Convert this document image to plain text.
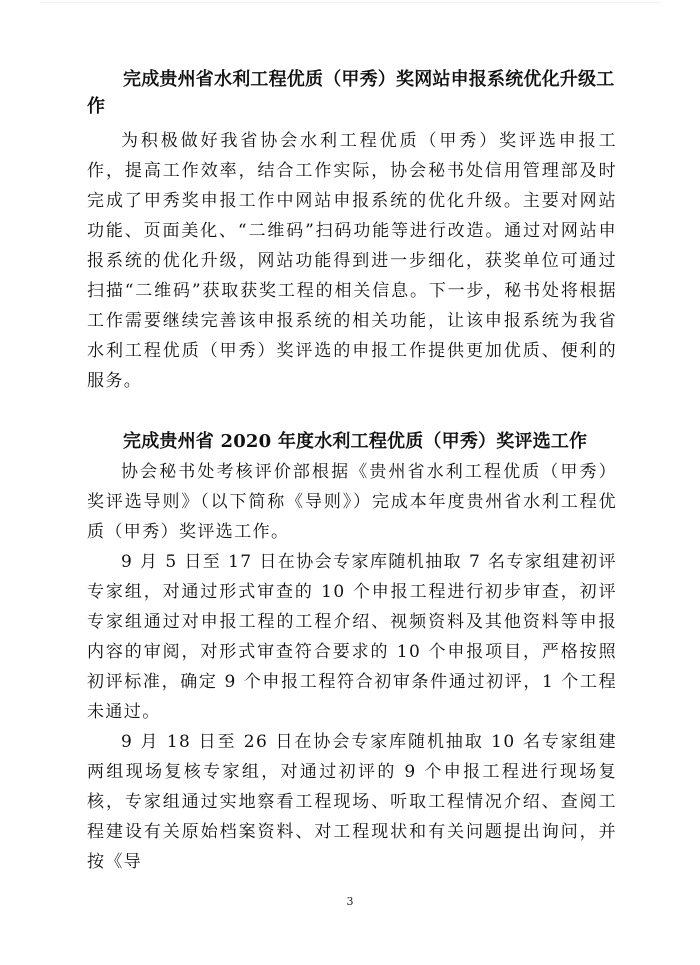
完成贵州省水利工程优质（甲秀）奖网站申报系统优化升级工作

为积极做好我省协会水利工程优质（甲秀）奖评选申报工作，提高工作效率，结合工作实际，协会秘书处信用管理部及时完成了甲秀奖申报工作中网站申报系统的优化升级。主要对网站功能、页面美化、“二维码”扫码功能等进行改造。通过对网站申报系统的优化升级，网站功能得到进一步细化，获奖单位可通过扫描“二维码”获取获奖工程的相关信息。下一步，秘书处将根据工作需要继续完善该申报系统的相关功能，让该申报系统为我省水利工程优质（甲秀）奖评选的申报工作提供更加优质、便利的服务。

完成贵州省 2020 年度水利工程优质（甲秀）奖评选工作

协会秘书处考核评价部根据《贵州省水利工程优质（甲秀）奖评选导则》（以下简称《导则》）完成本年度贵州省水利工程优质（甲秀）奖评选工作。

9 月 5 日至 17 日在协会专家库随机抽取 7 名专家组建初评专家组，对通过形式审查的 10 个申报工程进行初步审查，初评专家组通过对申报工程的工程介绍、视频资料及其他资料等申报内容的审阅，对形式审查符合要求的 10 个申报项目，严格按照初评标准，确定 9 个申报工程符合初审条件通过初评，1 个工程未通过。

9 月 18 日至 26 日在协会专家库随机抽取 10 名专家组建两组现场复核专家组，对通过初评的 9 个申报工程进行现场复核，专家组通过实地察看工程现场、听取工程情况介绍、查阅工程建设有关原始档案资料、对工程现状和有关问题提出询问，并按《导

3
